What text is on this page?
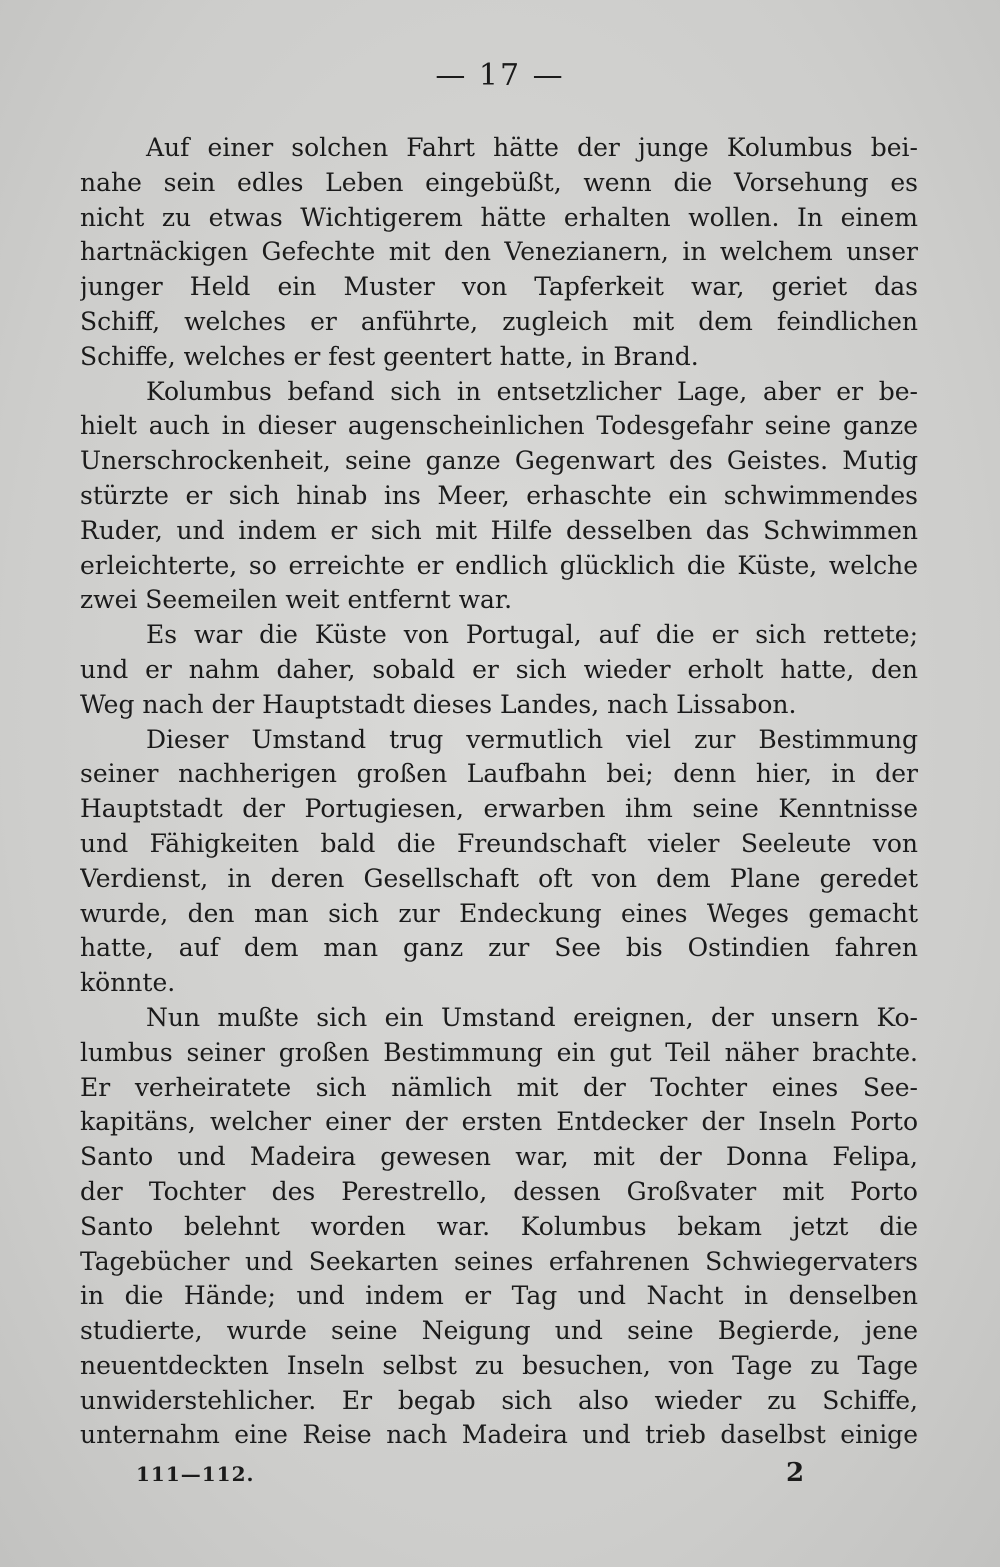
— 17 —
Auf einer solchen Fahrt hätte der junge Kolumbus bei-
nahe sein edles Leben eingebüßt, wenn die Vorsehung es
nicht zu etwas Wichtigerem hätte erhalten wollen. In einem
hartnäckigen Gefechte mit den Venezianern, in welchem unser
junger Held ein Muster von Tapferkeit war, geriet das
Schiff, welches er anführte, zugleich mit dem feindlichen
Schiffe, welches er fest geentert hatte, in Brand.
Kolumbus befand sich in entsetzlicher Lage, aber er be-
hielt auch in dieser augenscheinlichen Todesgefahr seine ganze
Unerschrockenheit, seine ganze Gegenwart des Geistes. Mutig
stürzte er sich hinab ins Meer, erhaschte ein schwimmendes
Ruder, und indem er sich mit Hilfe desselben das Schwimmen
erleichterte, so erreichte er endlich glücklich die Küste, welche
zwei Seemeilen weit entfernt war.
Es war die Küste von Portugal, auf die er sich rettete;
und er nahm daher, sobald er sich wieder erholt hatte, den
Weg nach der Hauptstadt dieses Landes, nach Lissabon.
Dieser Umstand trug vermutlich viel zur Bestimmung
seiner nachherigen großen Laufbahn bei; denn hier, in der
Hauptstadt der Portugiesen, erwarben ihm seine Kenntnisse
und Fähigkeiten bald die Freundschaft vieler Seeleute von
Verdienst, in deren Gesellschaft oft von dem Plane geredet
wurde, den man sich zur Endeckung eines Weges gemacht
hatte, auf dem man ganz zur See bis Ostindien fahren
könnte.
Nun mußte sich ein Umstand ereignen, der unsern Ko-
lumbus seiner großen Bestimmung ein gut Teil näher brachte.
Er verheiratete sich nämlich mit der Tochter eines See-
kapitäns, welcher einer der ersten Entdecker der Inseln Porto
Santo und Madeira gewesen war, mit der Donna Felipa,
der Tochter des Perestrello, dessen Großvater mit Porto
Santo belehnt worden war. Kolumbus bekam jetzt die
Tagebücher und Seekarten seines erfahrenen Schwiegervaters
in die Hände; und indem er Tag und Nacht in denselben
studierte, wurde seine Neigung und seine Begierde, jene
neuentdeckten Inseln selbst zu besuchen, von Tage zu Tage
unwiderstehlicher. Er begab sich also wieder zu Schiffe,
unternahm eine Reise nach Madeira und trieb daselbst einige
111—112.	2
